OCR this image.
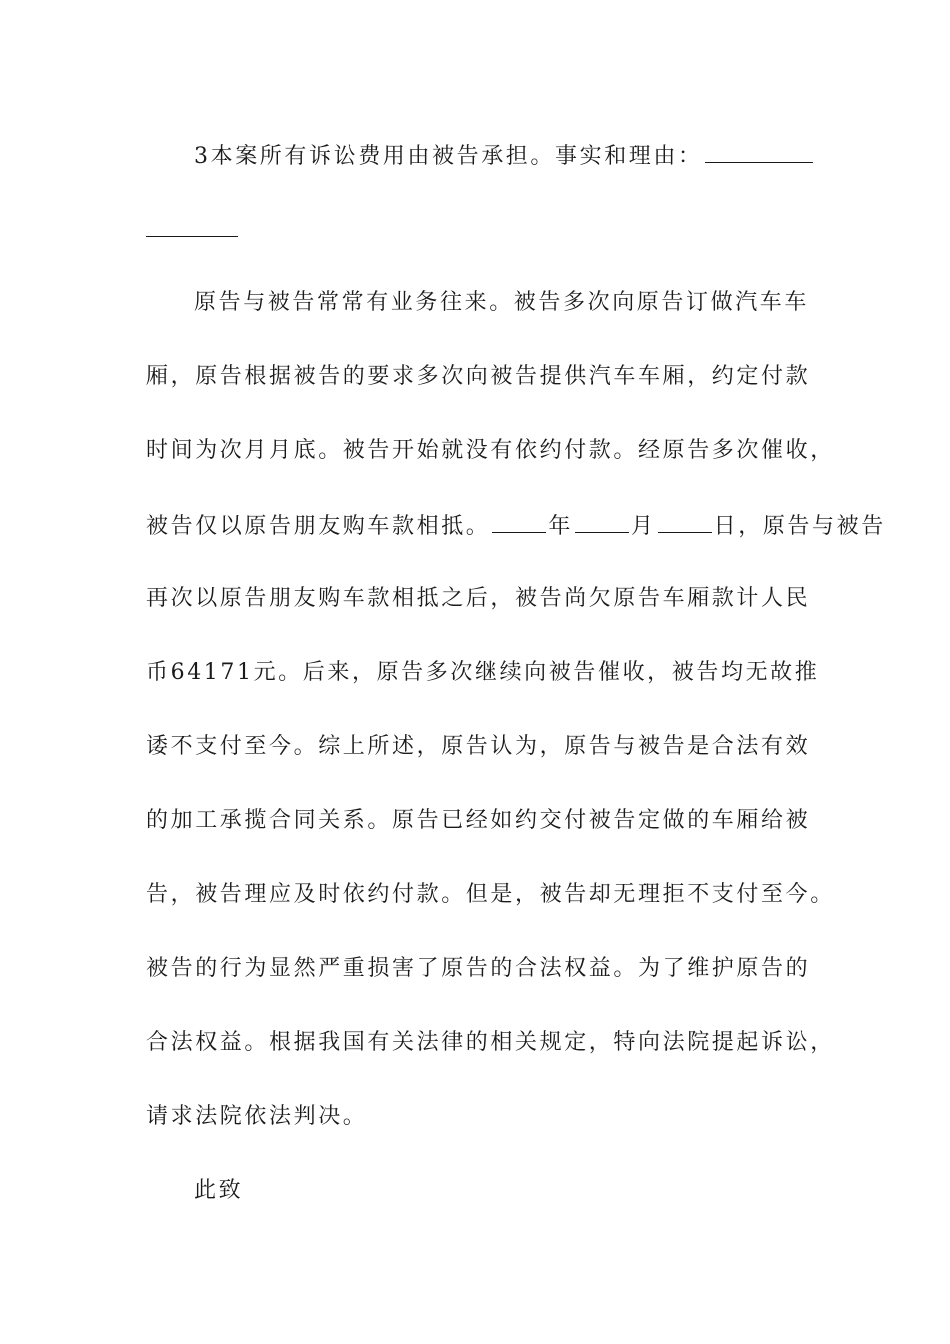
3本案所有诉讼费用由被告承担。事实和理由：
原告与被告常常有业务往来。被告多次向原告订做汽车车
厢，原告根据被告的要求多次向被告提供汽车车厢，约定付款
时间为次月月底。被告开始就没有依约付款。经原告多次催收，
被告仅以原告朋友购车款相抵。	年	月	日，原告与被告
再次以原告朋友购车款相抵之后，被告尚欠原告车厢款计人民
币64171元。后来，原告多次继续向被告催收，被告均无故推
诿不支付至今。综上所述，原告认为，原告与被告是合法有效
的加工承揽合同关系。原告已经如约交付被告定做的车厢给被
告，被告理应及时依约付款。但是，被告却无理拒不支付至今。
被告的行为显然严重损害了原告的合法权益。为了维护原告的
合法权益。根据我国有关法律的相关规定，特向法院提起诉讼，
请求法院依法判决。
此致
